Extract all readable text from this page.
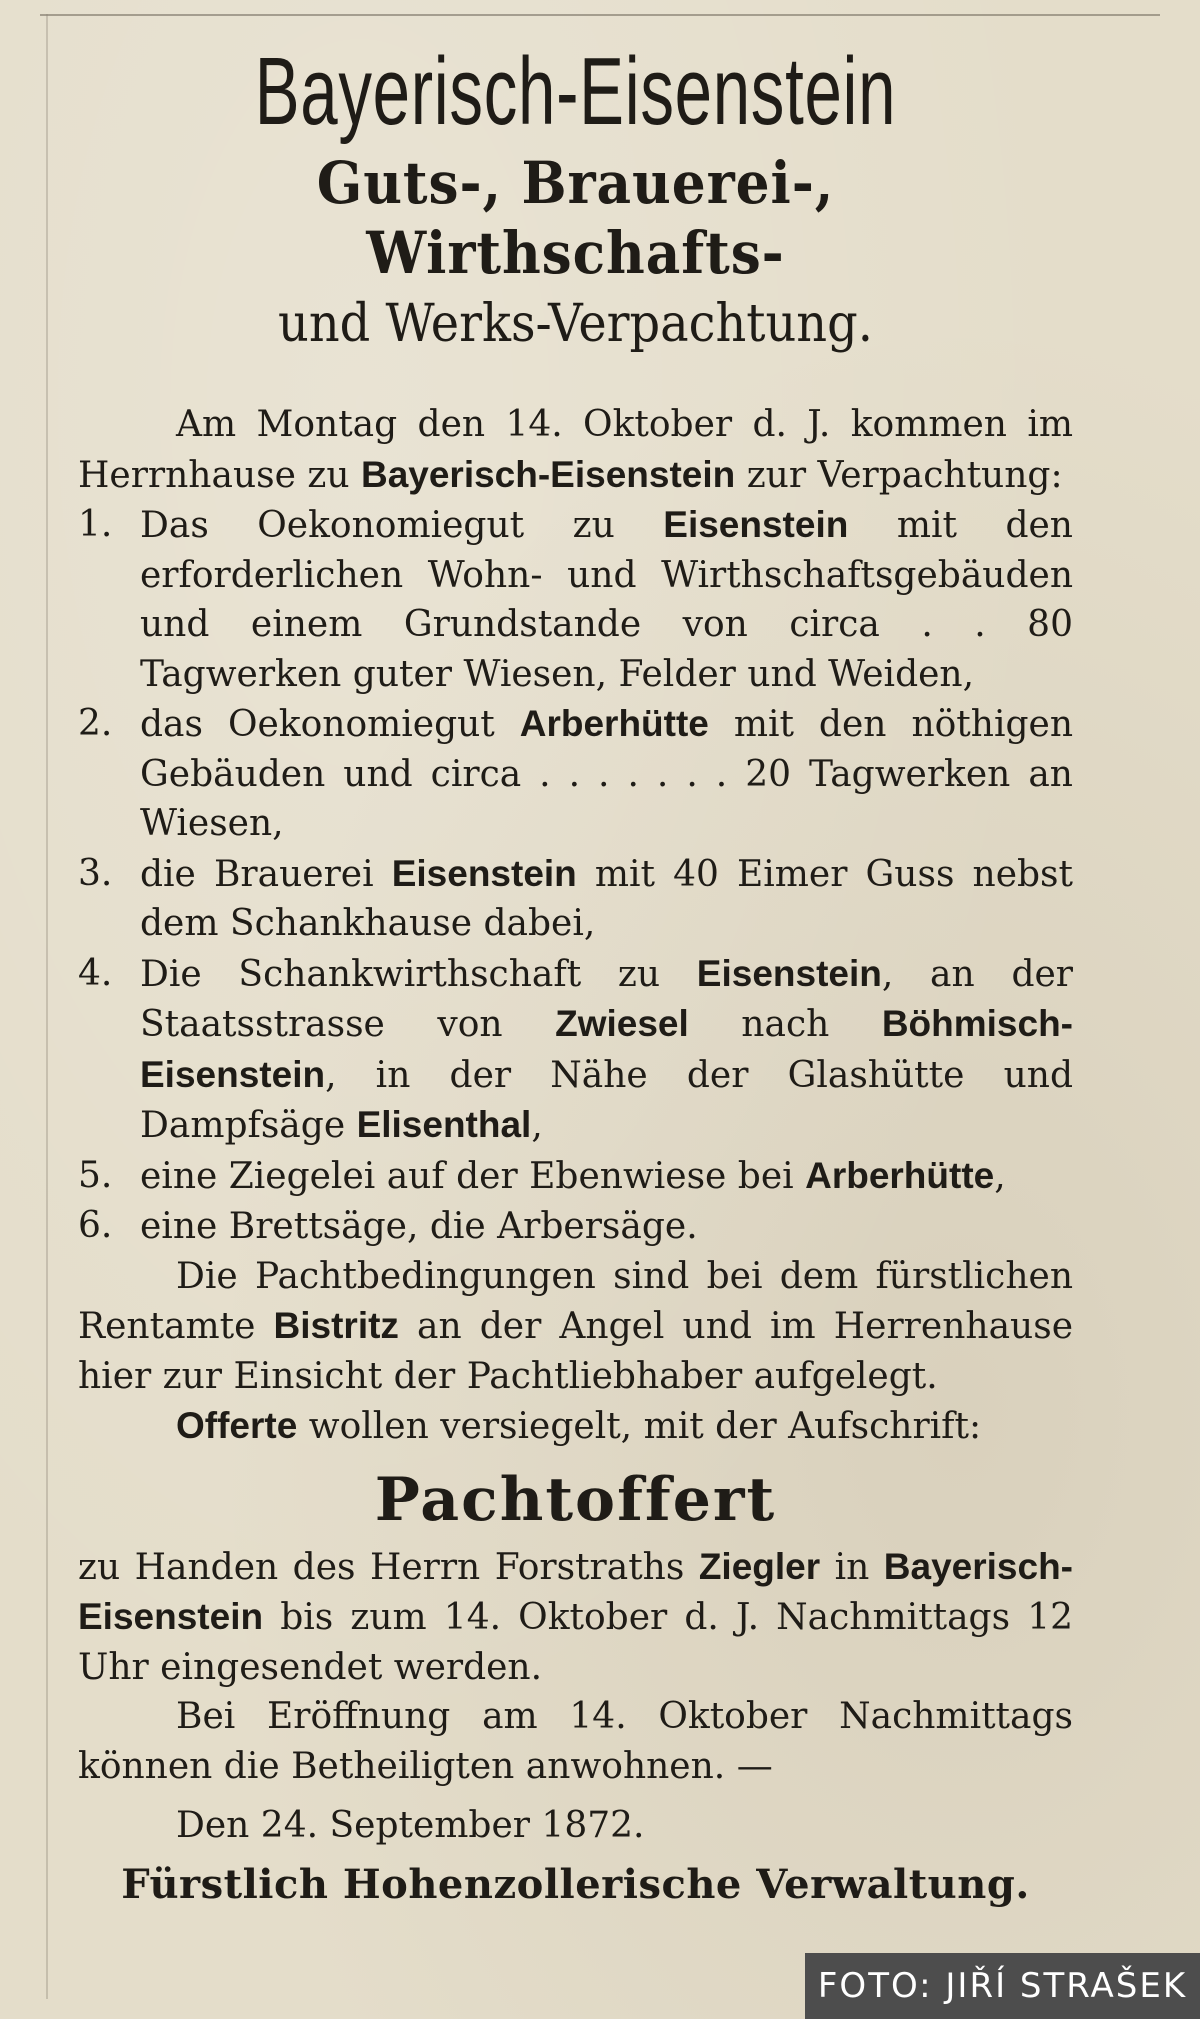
Bayerisch-Eisenstein
Guts-, Brauerei-, Wirthschafts-
und Werks-Verpachtung.
Am Montag den 14. Oktober d. J. kommen im Herrnhause zu Bayerisch-Eisenstein zur Verpachtung:
1. Das Oekonomiegut zu Eisenstein mit den erforderlichen Wohn- und Wirthschaftsgebäuden und einem Grundstande von circa . . 80 Tagwerken guter Wiesen, Felder und Weiden,
2. das Oekonomiegut Arberhütte mit den nöthigen Gebäuden und circa . . . . . . . 20 Tagwerken an Wiesen,
3. die Brauerei Eisenstein mit 40 Eimer Guss nebst dem Schankhause dabei,
4. Die Schankwirthschaft zu Eisenstein, an der Staatsstrasse von Zwiesel nach Böhmisch-Eisenstein, in der Nähe der Glashütte und Dampfsäge Elisenthal,
5. eine Ziegelei auf der Ebenwiese bei Arberhütte,
6. eine Brettsäge, die Arbersäge.
Die Pachtbedingungen sind bei dem fürstlichen Rentamte Bistritz an der Angel und im Herrenhause hier zur Einsicht der Pachtliebhaber aufgelegt.
Offerte wollen versiegelt, mit der Aufschrift:
Pachtoffert
zu Handen des Herrn Forstraths Ziegler in Bayerisch-Eisenstein bis zum 14. Oktober d. J. Nachmittags 12 Uhr eingesendet werden.
Bei Eröffnung am 14. Oktober Nachmittags können die Betheiligten anwohnen. —
Den 24. September 1872.
Fürstlich Hohenzollerische Verwaltung.
FOTO: JIŘÍ STRAŠEK
